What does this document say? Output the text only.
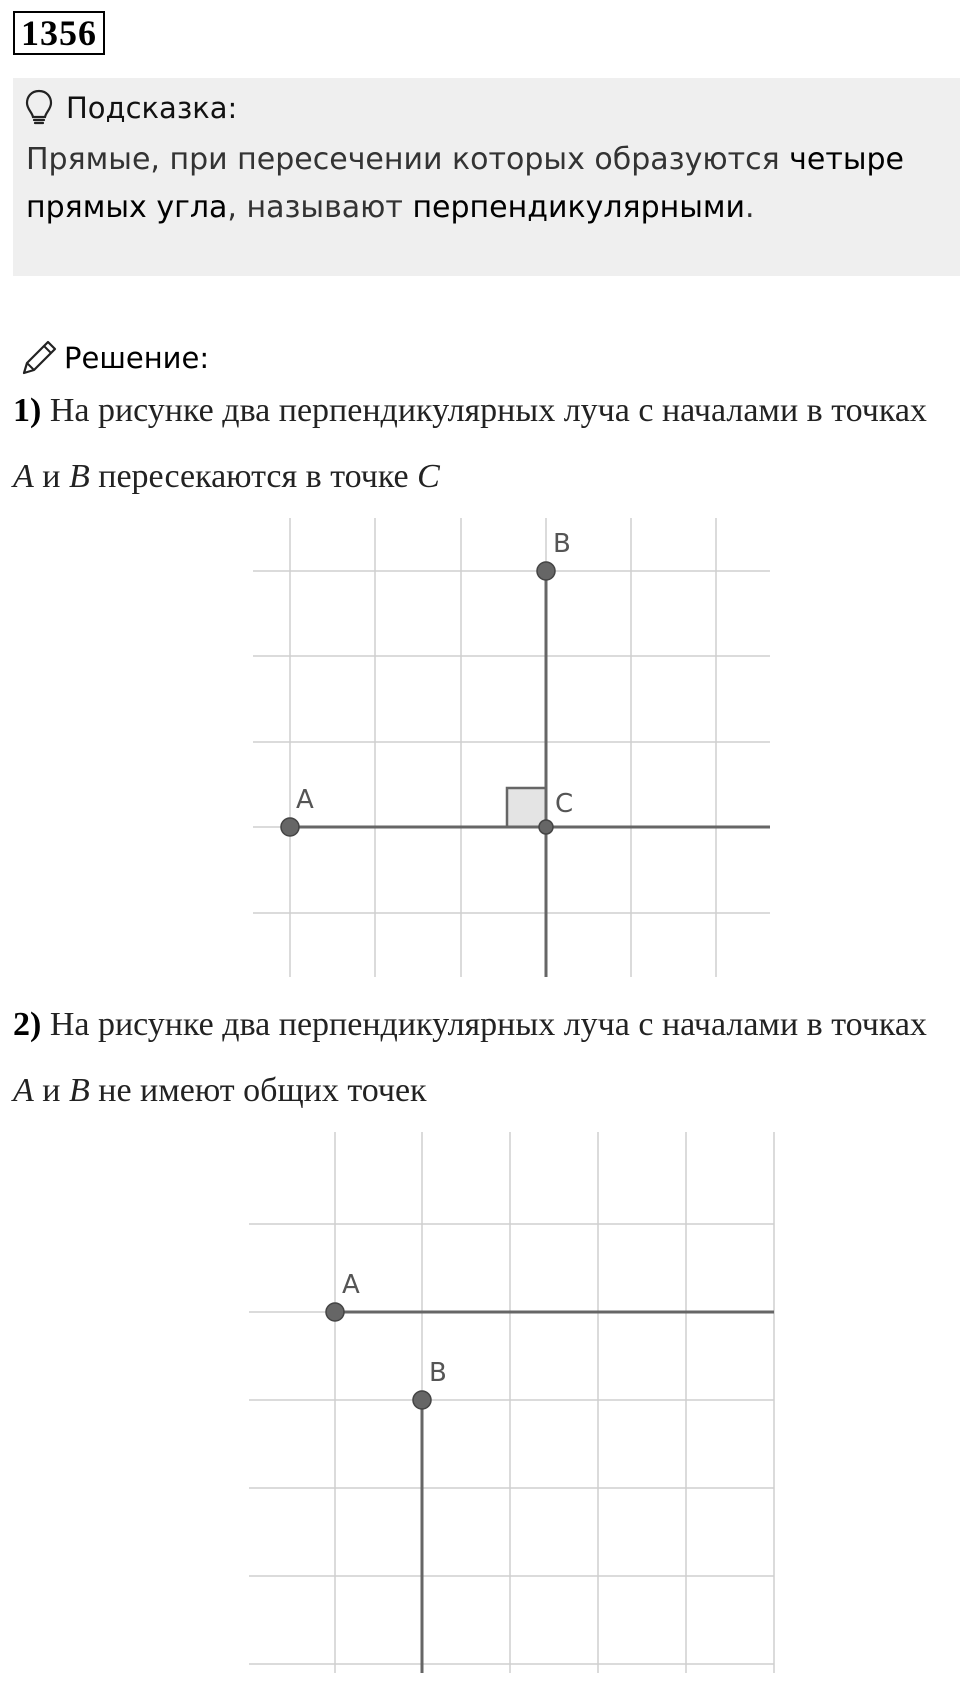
1356
Подсказка:
Прямые, при пересечении которых образуются четыре прямых угла, называют перпендикулярными.
Решение:
1) На рисунке два перпендикулярных луча с началами в точках A и B пересекаются в точке C
A
B
C
2) На рисунке два перпендикулярных луча с началами в точках A и B не имеют общих точек
A
B
